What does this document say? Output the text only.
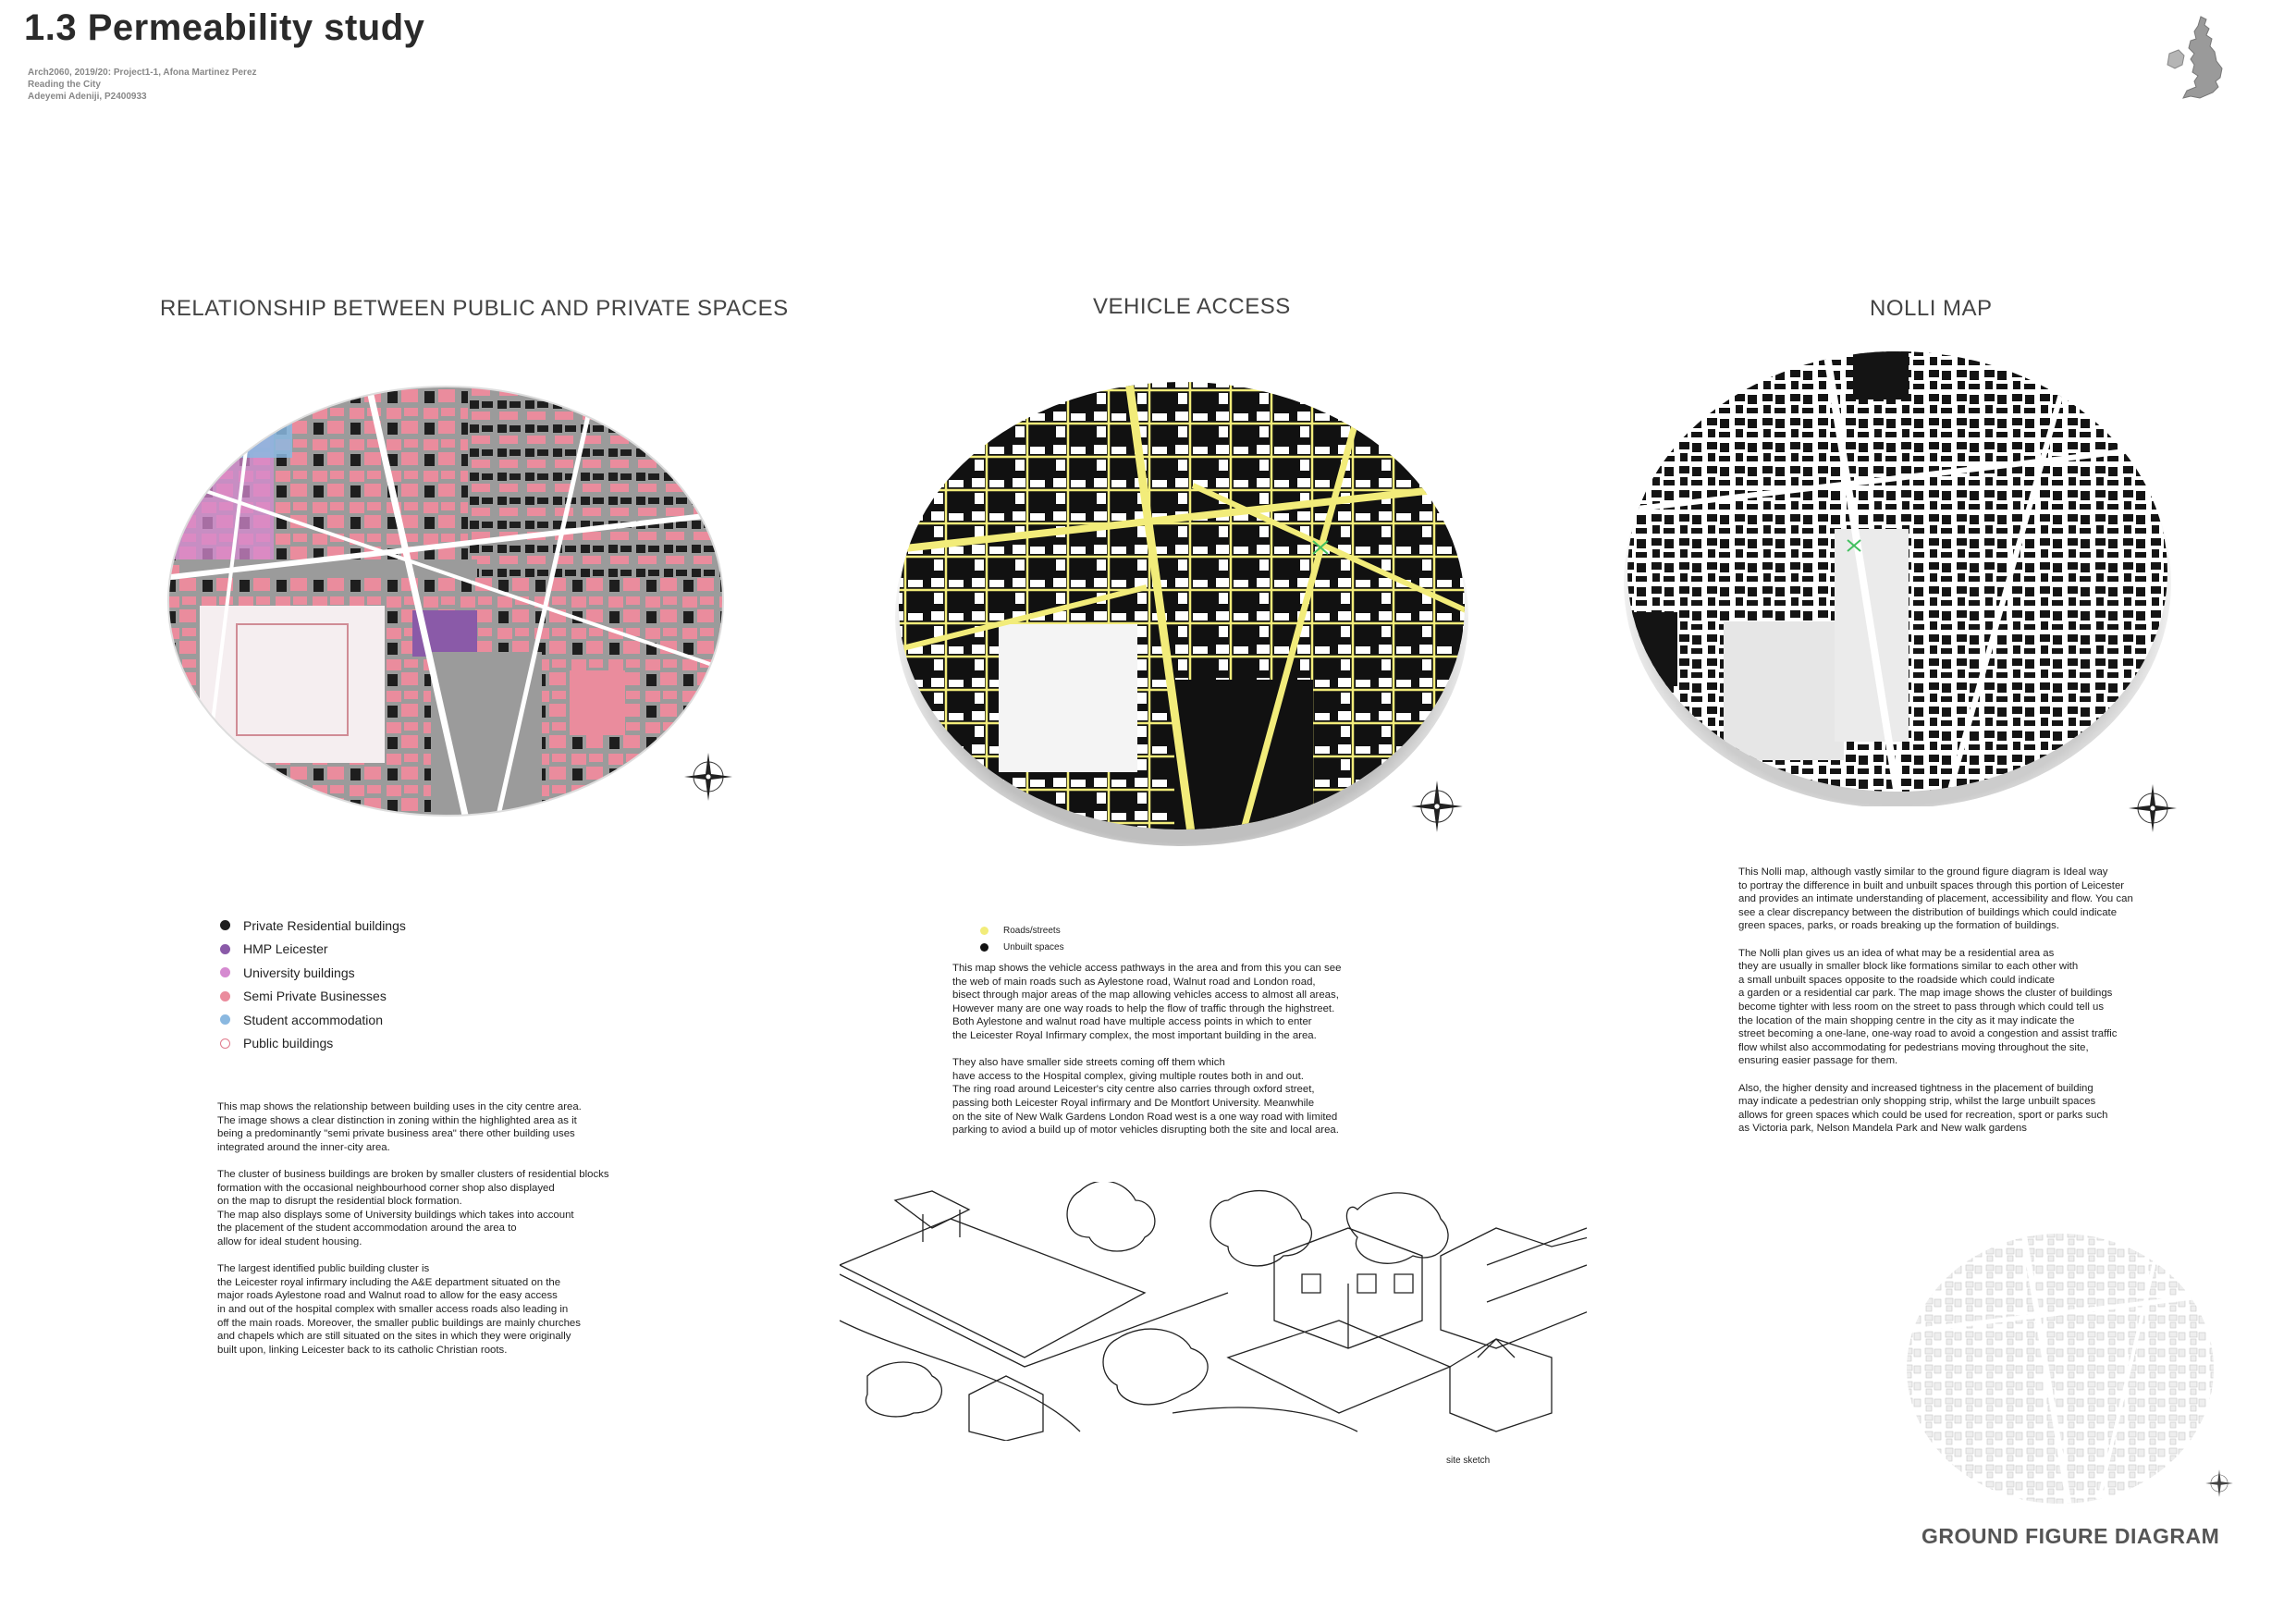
1.3 Permeability study
Arch2060, 2019/20: Project1-1, Afona Martinez Perez
Reading the City
Adeyemi Adeniji, P2400933
RELATIONSHIP BETWEEN PUBLIC AND PRIVATE SPACES	VEHICLE ACCESS	NOLLI MAP
Private Residential buildings
HMP Leicester
University buildings
Semi Private Businesses
Student accommodation
Public buildings
Roads/streets
Unbuilt spaces
This map shows the relationship between building uses in the city centre area.
The image shows a clear distinction in zoning within the highlighted area as it
being a predominantly "semi private business area" there other building uses
integrated around the inner-city area.

The cluster of business buildings are broken by smaller clusters of residential blocks
formation with the occasional neighbourhood corner shop also displayed
on the map to disrupt the residential block formation.
The map also displays some of University buildings which takes into account
the placement of the student accommodation around the area to
allow for ideal student housing.

The largest identified public building cluster is
the Leicester royal infirmary including the A&E department situated on the
major roads Aylestone road and Walnut road to allow for the easy access
in and out of the hospital complex with smaller access roads also leading in
off the main roads. Moreover, the smaller public buildings are mainly churches
and chapels which are still situated on the sites in which they were originally
built upon, linking Leicester back to its catholic Christian roots.
This map shows the vehicle access pathways in the area and from this you can see
the web of main roads such as Aylestone road, Walnut road and London road,
bisect through major areas of the map allowing vehicles access to almost all areas,
However many are one way roads to help the flow of traffic through the highstreet.
Both Aylestone and walnut road have multiple access points in which to enter
the Leicester Royal Infirmary complex, the most important building in the area.

They also have smaller side streets coming off them which
have access to the Hospital complex, giving multiple routes both in and out.
The ring road around Leicester's city centre also carries through oxford street,
passing both Leicester Royal infirmary and De Montfort University. Meanwhile
on the site of New Walk Gardens London Road west is a one way road with limited
parking to aviod a build up of motor vehicles disrupting both the site and local area.
This Nolli map, although vastly similar to the ground figure diagram is Ideal way
to portray the difference in built and unbuilt spaces through this portion of Leicester
and provides an intimate understanding of placement, accessibility and flow. You can
see a clear discrepancy between the distribution of buildings which could indicate
green spaces, parks, or roads breaking up the formation of buildings.

The Nolli plan gives us an idea of what may be a residential area as
they are usually in smaller block like formations similar to each other with
a small unbuilt spaces opposite to the roadside which could indicate
a garden or a residential car park. The map image shows the cluster of buildings
become tighter with less room on the street to pass through which could tell us
the location of the main shopping centre in the city as it may indicate the
street becoming a one-lane, one-way road to avoid a congestion and assist traffic
flow whilst also accommodating for pedestrians moving throughout the site,
ensuring easier passage for them.

Also, the higher density and increased tightness in the placement of building
may indicate a pedestrian only shopping strip, whilst the large unbuilt spaces
allows for green spaces which could be used for recreation, sport or parks such
as Victoria park, Nelson Mandela Park and New walk gardens
site sketch
GROUND FIGURE DIAGRAM
